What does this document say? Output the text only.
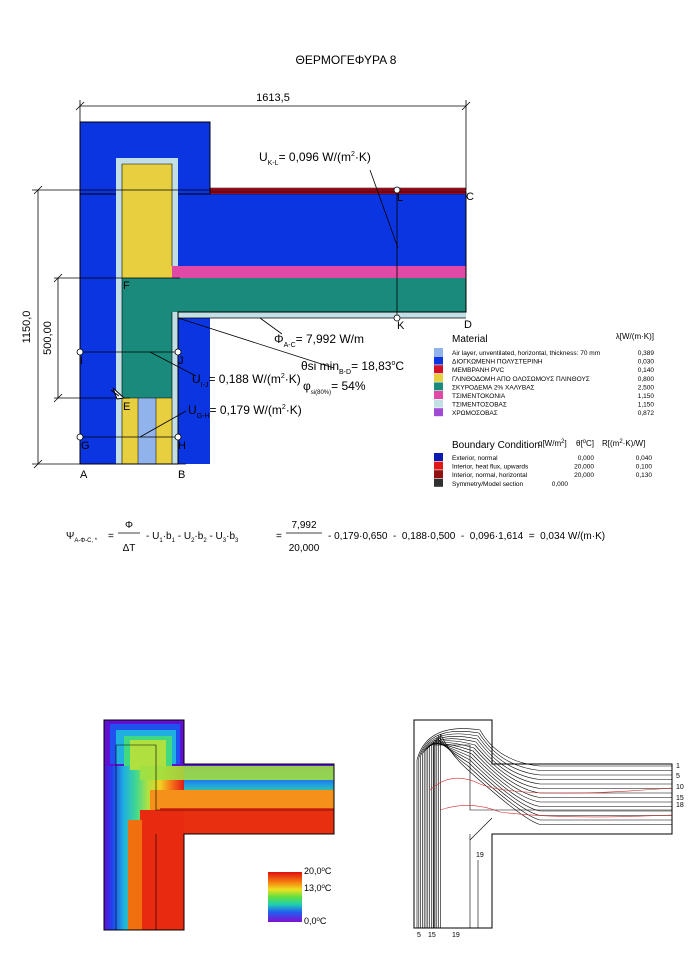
ΘΕΡΜΟΓΕΦΥΡΑ 8
1613,5
1150,0 500,00
A	B
C
D
E
F
G	H
I	J
K
L
$U_{K-L}= 0,096$ $W/(m^2\cdot K)$
$\Phi_{A-C}= 7,992$ W/m
θsi $\min_{B-D}= 18,83^oC$
$\varphi_{si(80\%)}= 54\%$
$U_{I-J}= 0,188$ $W/(m^2\cdot K)$
$U_{G-H}= 0,179$ $W/(m^2\cdot K)$
Material	λ[W/(m·K)]
Air layer, unventilated, horizontal, thickness: 70 mm	0,389
ΔΙΟΓΚΩΜΕΝΗ ΠΟΛΥΣΤΕΡΙΝΗ	0,030
ΜΕΜΒΡΑΝΗ PVC	0,140
ΓΛΙΝΘΟΔΟΜΗ ΑΠΟ ΟΛΟΣΩΜΟΥΣ ΠΛΙΝΘΟΥΣ	0,800
ΣΚΥΡΟΔΕΜΑ 2% ΧΑΛΥΒΑΣ	2,500
ΤΣΙΜΕΝΤΟΚΟΝΙΑ	1,150
ΤΣΙΜΕΝΤΟΣΟΒΑΣ	1,150
ΧΡΩΜΟΣΟΒΑΣ	0,872
Boundary Condition
$q[W/m^2]$ θ[$^o$C] $R[(m^2\cdot K)/W]$
Exterior, normal	0,000	0,040
Interior, heat flux, upwards	20,000	0,100
Interior, normal, horizontal	20,000	0,130
Symmetry/Model section	0,000
$\Psi_{A-\Phi-C, *}$ =
Φ
ΔT
- $U_1\cdot b_1 - U_2\cdot b_2 - U_3\cdot b_3$	=
7,992
20,000
- 0,179·0,650  -  0,188·0,500  -  0,096·1,614  =  0,034 W/(m·K)
20,0$^o$C
13,0$^o$C
0,0$^o$C
1
5
10
15
18
19
5 15 19
